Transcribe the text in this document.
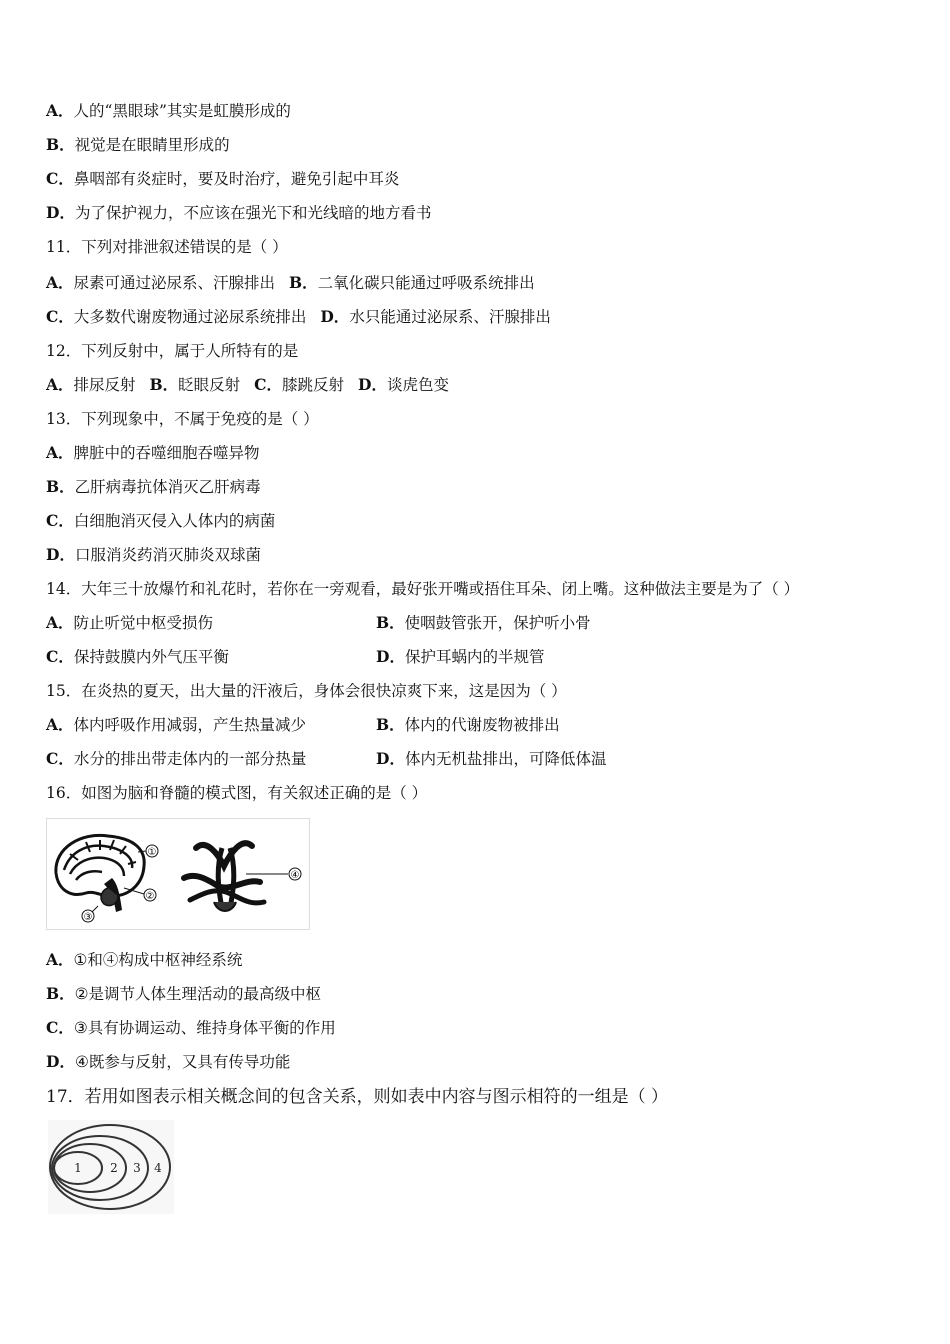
A．人的“黑眼球”其实是虹膜形成的
B．视觉是在眼睛里形成的
C．鼻咽部有炎症时，要及时治疗，避免引起中耳炎
D．为了保护视力，不应该在强光下和光线暗的地方看书
11．下列对排泄叙述错误的是（ ）
A．尿素可通过泌尿系、汗腺排出 B．二氧化碳只能通过呼吸系统排出
C．大多数代谢废物通过泌尿系统排出 D．水只能通过泌尿系、汗腺排出
12．下列反射中，属于人所特有的是
A．排尿反射 B．眨眼反射 C．膝跳反射 D．谈虎色变
13．下列现象中，不属于免疫的是（ ）
A．脾脏中的吞噬细胞吞噬异物
B．乙肝病毒抗体消灭乙肝病毒
C．白细胞消灭侵入人体内的病菌
D．口服消炎药消灭肺炎双球菌
14．大年三十放爆竹和礼花时，若你在一旁观看，最好张开嘴或捂住耳朵、闭上嘴。这种做法主要是为了（ ）
A．防止听觉中枢受损伤	B．使咽鼓管张开，保护听小骨
C．保持鼓膜内外气压平衡	D．保护耳蜗内的半规管
15．在炎热的夏天，出大量的汗液后，身体会很快凉爽下来，这是因为（ ）
A．体内呼吸作用减弱，产生热量减少	B．体内的代谢废物被排出
C．水分的排出带走体内的一部分热量	D．体内无机盐排出，可降低体温
16．如图为脑和脊髓的模式图，有关叙述正确的是（ ）
①
②
③
④
A．①和④构成中枢神经系统
B．②是调节人体生理活动的最高级中枢
C．③具有协调运动、维持身体平衡的作用
D．④既参与反射，又具有传导功能
17．若用如图表示相关概念间的包含关系，则如表中内容与图示相符的一组是（ ）
1 2 3 4
